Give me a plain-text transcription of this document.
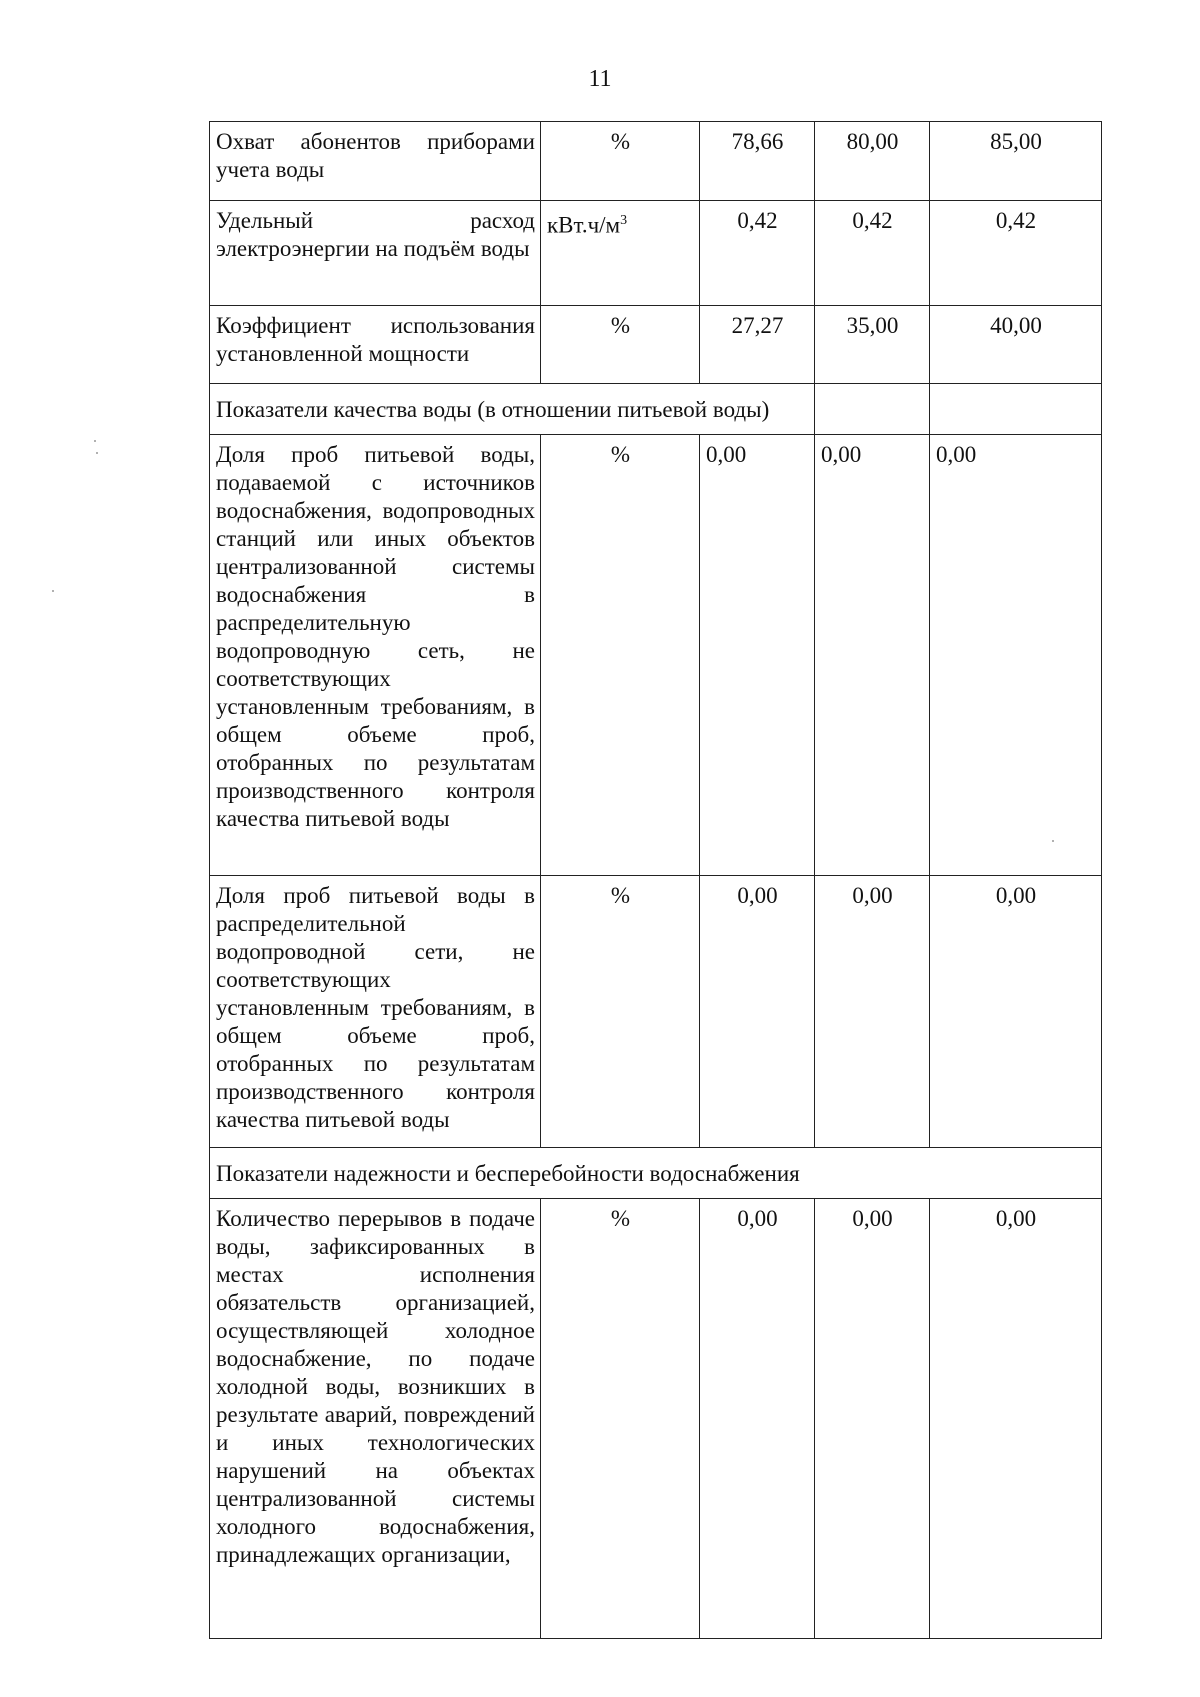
11
Охват абонентов приборами учета воды	%	78,66	80,00	85,00
Удельный расход электроэнергии на подъём воды	$кВт.ч/м^3$	0,42	0,42	0,42
Коэффициент использования установленной мощности	%	27,27	35,00	40,00
Показатели качества воды (в отношении питьевой воды)				
Доля проб питьевой воды, подаваемой с источников водоснабжения, водопроводных станций или иных объектов централизованной системы водоснабжения в распределительную водопроводную сеть, не соответствующих установленным требованиям, в общем объеме проб, отобранных по результатам производственного контроля качества питьевой воды	%	0,00	0,00	0,00
Доля проб питьевой воды в распределительной водопроводной сети, не соответствующих установленным требованиям, в общем объеме проб, отобранных по результатам производственного контроля качества питьевой воды	%	0,00	0,00	0,00
Показатели надежности и бесперебойности водоснабжения				
Количество перерывов в подаче воды, зафиксированных в местах исполнения обязательств организацией, осуществляющей холодное водоснабжение, по подаче холодной воды, возникших в результате аварий, повреждений и иных технологических нарушений на объектах централизованной системы холодного водоснабжения, принадлежащих организации,	%	0,00	0,00	0,00
